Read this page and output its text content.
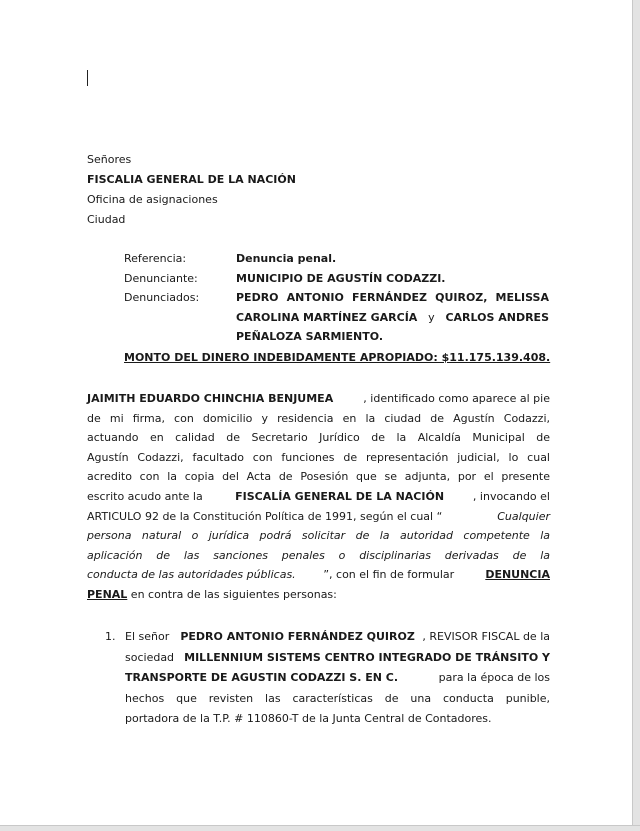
Señores
FISCALIA GENERAL DE LA NACIÓN
Oficina de asignaciones
Ciudad
Referencia:	Denuncia penal.
Denunciante:	MUNICIPIO DE AGUSTÍN CODAZZI.
Denunciados:	PEDRO ANTONIO FERNÁNDEZ QUIROZ, MELISSA
CAROLINA MARTÍNEZ GARCÍA y CARLOS ANDRES
PEÑALOZA SARMIENTO.
MONTO DEL DINERO INDEBIDAMENTE APROPIADO: $11.175.139.408.
JAIMITH EDUARDO CHINCHIA BENJUMEA	, identificado como aparece al pie
de mi firma, con domicilio y residencia en la ciudad de Agustín Codazzi,
actuando en calidad de Secretario Jurídico de la Alcaldía Municipal de
Agustín Codazzi, facultado con funciones de representación judicial, lo cual
acredito con la copia del Acta de Posesión que se adjunta, por el presente
escrito acudo ante la	FISCALÍA GENERAL DE LA NACIÓN	, invocando el
ARTICULO 92 de la Constitución Política de 1991, según el cual “	Cualquier
persona natural o jurídica podrá solicitar de la autoridad competente la
aplicación de las sanciones penales o disciplinarias derivadas de la
conducta de las autoridades públicas.	”, con el fin de formular	DENUNCIA
PENAL en contra de las siguientes personas:
1. El señor PEDRO ANTONIO FERNÁNDEZ QUIROZ , REVISOR FISCAL de la
sociedad MILLENNIUM SISTEMS CENTRO INTEGRADO DE TRÁNSITO Y
TRANSPORTE DE AGUSTIN CODAZZI S. EN C.	para la época de los
hechos que revisten las características de una conducta punible,
portadora de la T.P. # 110860-T de la Junta Central de Contadores.
